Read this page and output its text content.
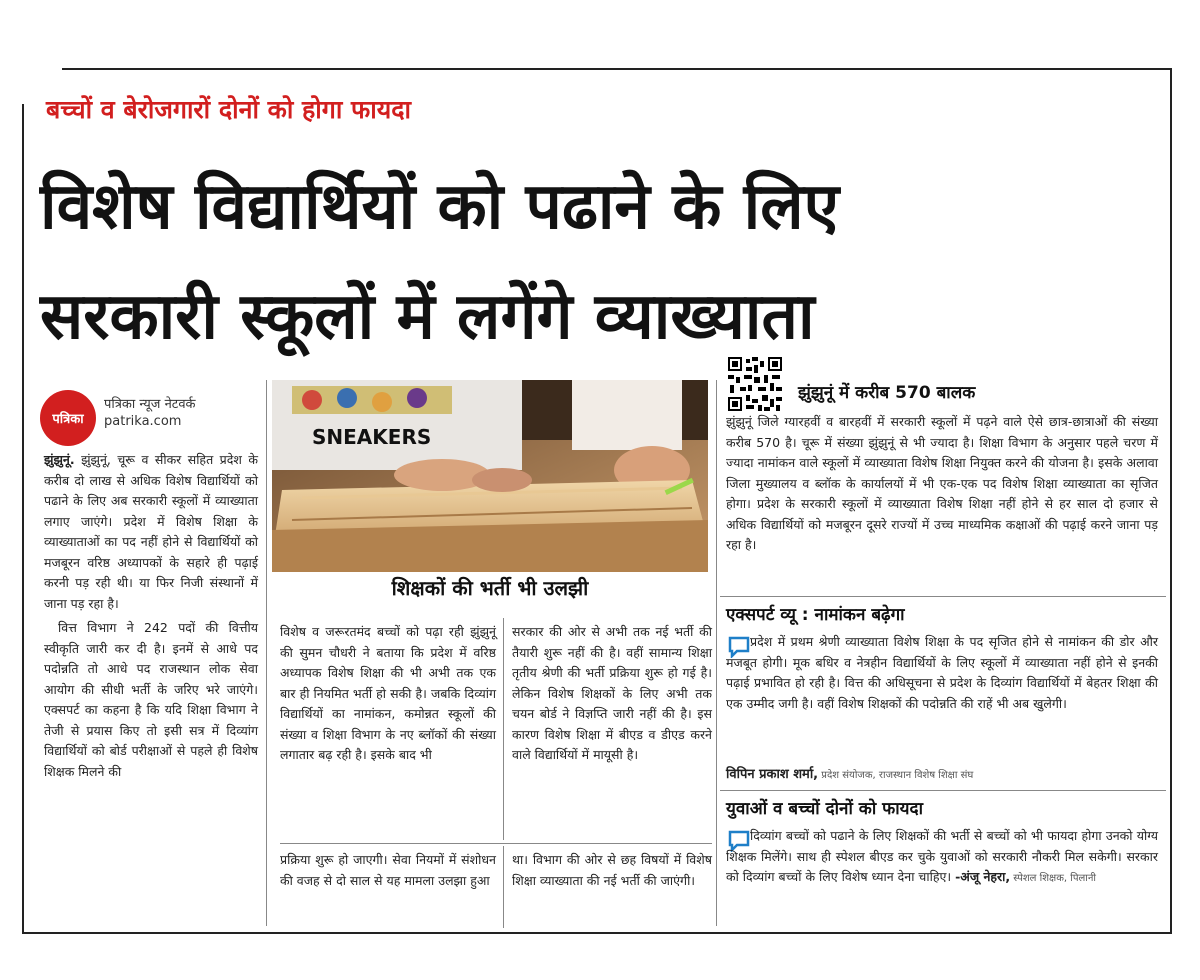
बच्चों व बेरोजगारों दोनों को होगा फायदा
विशेष विद्यार्थियों को पढाने के लिए
सरकारी स्कूलों में लगेंगे व्याख्याता
पत्रिका
पत्रिका न्यूज नेटवर्क
patrika.com

झुंझुनूं. झुंझुनूं, चूरू व सीकर सहित प्रदेश के करीब दो लाख से अधिक विशेष विद्यार्थियों को पढाने के लिए अब सरकारी स्कूलों में व्याख्याता लगाए जाएंगे। प्रदेश में विशेष शिक्षा के व्याख्याताओं का पद नहीं होने से विद्यार्थियों को मजबूरन वरिष्ठ अध्यापकों के सहारे ही पढ़ाई करनी पड़ रही थी। या फिर निजी संस्थानों में जाना पड़ रहा है।

वित्त विभाग ने 242 पदों की वित्तीय स्वीकृति जारी कर दी है। इनमें से आधे पद पदोन्नति तो आधे पद राजस्थान लोक सेवा आयोग की सीधी भर्ती के जरिए भरे जाएंगे। एक्सपर्ट का कहना है कि यदि शिक्षा विभाग ने तेजी से प्रयास किए तो इसी सत्र में दिव्यांग विद्यार्थियों को बोर्ड परीक्षाओं से पहले ही विशेष शिक्षक मिलने की

SNEAKERS
शिक्षकों की भर्ती भी उलझी
विशेष व जरूरतमंद बच्चों को पढ़ा रही झुंझुनूं की सुमन चौधरी ने बताया कि प्रदेश में वरिष्ठ अध्यापक विशेष शिक्षा की भी अभी तक एक बार ही नियमित भर्ती हो सकी है। जबकि दिव्यांग विद्यार्थियों का नामांकन, कमोन्नत स्कूलों की संख्या व शिक्षा विभाग के नए ब्लॉकों की संख्या लगातार बढ़ रही है। इसके बाद भी
सरकार की ओर से अभी तक नई भर्ती की तैयारी शुरू नहीं की है। वहीं सामान्य शिक्षा तृतीय श्रेणी की भर्ती प्रक्रिया शुरू हो गई है। लेकिन विशेष शिक्षकों के लिए अभी तक चयन बोर्ड ने विज्ञप्ति जारी नहीं की है। इस कारण विशेष शिक्षा में बीएड व डीएड करने वाले विद्यार्थियों में मायूसी है।
प्रक्रिया शुरू हो जाएगी। सेवा नियमों में संशोधन की वजह से दो साल से यह मामला उलझा हुआ
था। विभाग की ओर से छह विषयों में विशेष शिक्षा व्याख्याता की नई भर्ती की जाएंगी।
झुंझुनूं में करीब 570 बालक
झुंझुनूं जिले ग्यारहवीं व बारहवीं में सरकारी स्कूलों में पढ़ने वाले ऐसे छात्र-छात्राओं की संख्या करीब 570 है। चूरू में संख्या झुंझुनूं से भी ज्यादा है। शिक्षा विभाग के अनुसार पहले चरण में ज्यादा नामांकन वाले स्कूलों में व्याख्याता विशेष शिक्षा नियुक्त करने की योजना है। इसके अलावा जिला मुख्यालय व ब्लॉक के कार्यालयों में भी एक-एक पद विशेष शिक्षा व्याख्याता का सृजित होगा। प्रदेश के सरकारी स्कूलों में व्याख्याता विशेष शिक्षा नहीं होने से हर साल दो हजार से अधिक विद्यार्थियों को मजबूरन दूसरे राज्यों में उच्च माध्यमिक कक्षाओं की पढ़ाई करने जाना पड़ रहा है।
एक्सपर्ट व्यू : नामांकन बढ़ेगा
प्रदेश में प्रथम श्रेणी व्याख्याता विशेष शिक्षा के पद सृजित होने से नामांकन की डोर और मजबूत होगी। मूक बधिर व नेत्रहीन विद्यार्थियों के लिए स्कूलों में व्याख्याता नहीं होने से इनकी पढ़ाई प्रभावित हो रही है। वित्त की अधिसूचना से प्रदेश के दिव्यांग विद्यार्थियों में बेहतर शिक्षा की एक उम्मीद जगी है। वहीं विशेष शिक्षकों की पदोन्नति की राहें भी अब खुलेगी।
विपिन प्रकाश शर्मा, प्रदेश संयोजक, राजस्थान विशेष शिक्षा संघ
युवाओं व बच्चों दोनों को फायदा
दिव्यांग बच्चों को पढाने के लिए शिक्षकों की भर्ती से बच्चों को भी फायदा होगा उनको योग्य शिक्षक मिलेंगे। साथ ही स्पेशल बीएड कर चुके युवाओं को सरकारी नौकरी मिल सकेगी। सरकार को दिव्यांग बच्चों के लिए विशेष ध्यान देना चाहिए। -अंजू नेहरा, स्पेशल शिक्षक, पिलानी
